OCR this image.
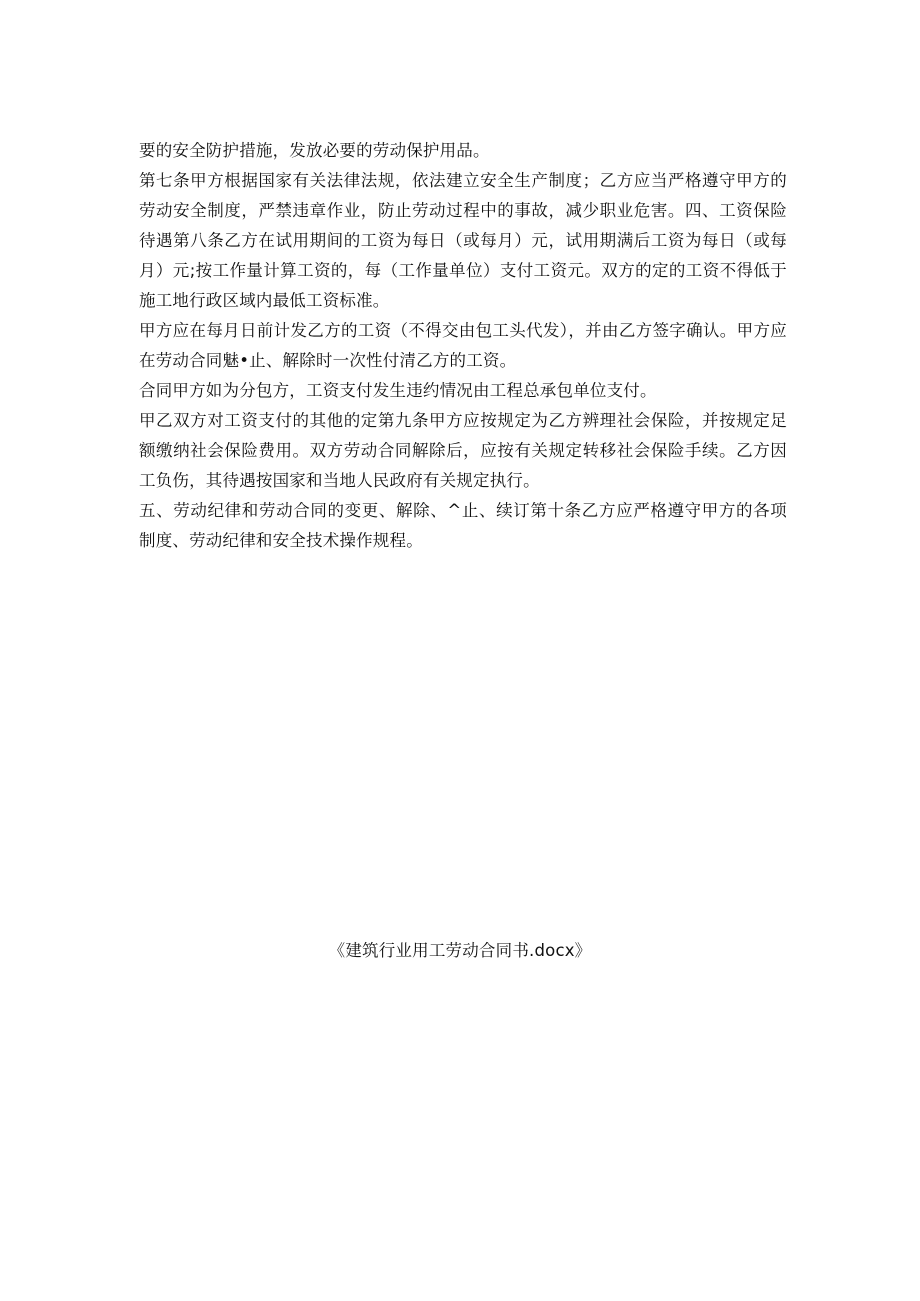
要的安全防护措施，发放必要的劳动保护用品。

第七条甲方根据国家有关法律法规，依法建立安全生产制度；乙方应当严格遵守甲方的劳动安全制度，严禁违章作业，防止劳动过程中的事故，减少职业危害。四、工资保险待遇第八条乙方在试用期间的工资为每日（或每月）元，试用期满后工资为每日（或每月）元;按工作量计算工资的，每（工作量单位）支付工资元。双方的定的工资不得低于施工地行政区域内最低工资标准。

甲方应在每月日前计发乙方的工资（不得交由包工头代发），并由乙方签字确认。甲方应在劳动合同魅•止、解除时一次性付清乙方的工资。

合同甲方如为分包方，工资支付发生违约情况由工程总承包单位支付。

甲乙双方对工资支付的其他的定第九条甲方应按规定为乙方辨理社会保险，并按规定足额缴纳社会保险费用。双方劳动合同解除后，应按有关规定转移社会保险手续。乙方因工负伤，其待遇按国家和当地人民政府有关规定执行。

五、劳动纪律和劳动合同的变更、解除、^止、续订第十条乙方应严格遵守甲方的各项制度、劳动纪律和安全技术操作规程。

《建筑行业用工劳动合同书.docx》
